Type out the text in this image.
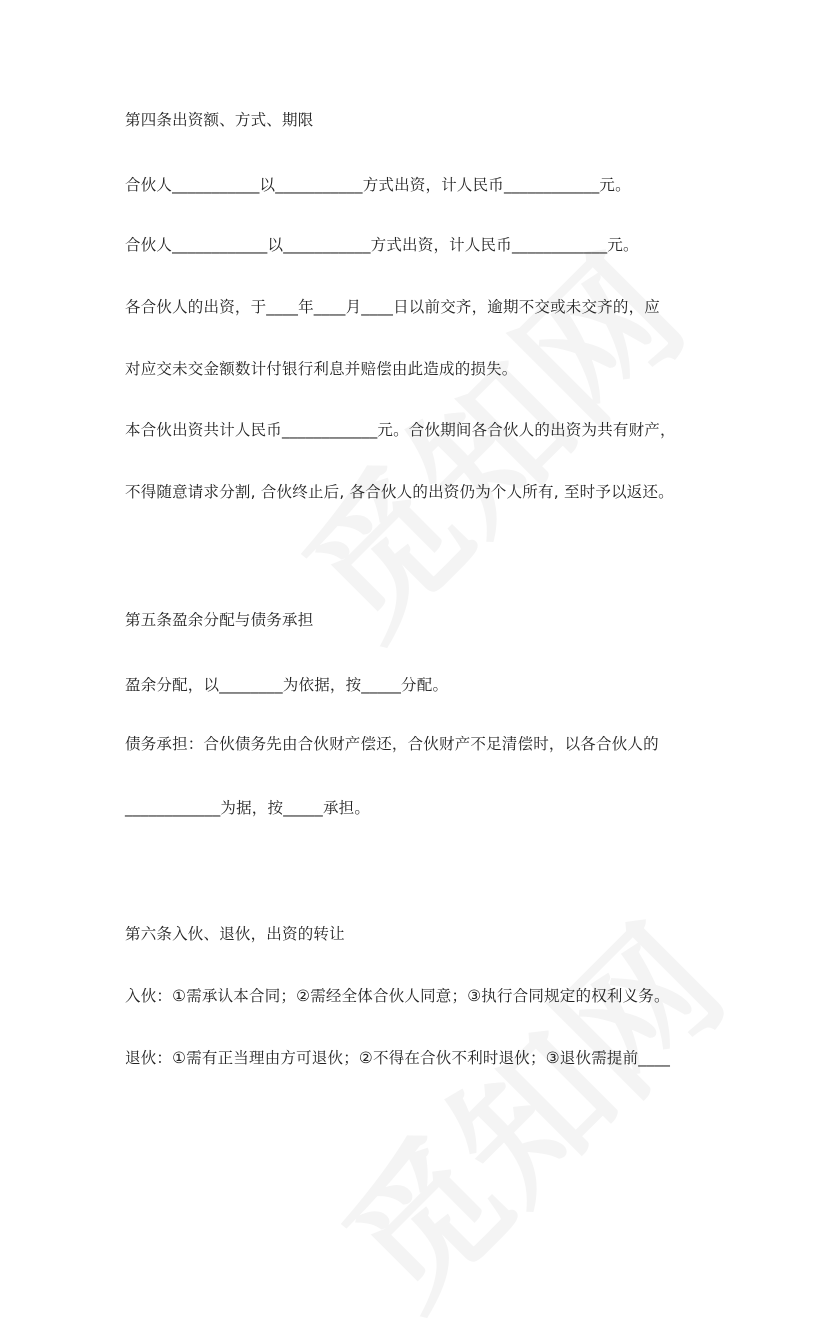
第四条出资额、方式、期限
合伙人___________以___________方式出资，计人民币____________元。
合伙人____________以___________方式出资，计人民币____________元。
各合伙人的出资，于____年____月____日以前交齐，逾期不交或未交齐的，应
对应交未交金额数计付银行利息并赔偿由此造成的损失。
本合伙出资共计人民币____________元。合伙期间各合伙人的出资为共有财产，
不得随意请求分割, 合伙终止后, 各合伙人的出资仍为个人所有, 至时予以返还。
第五条盈余分配与债务承担
盈余分配，以________为依据，按_____分配。
债务承担：合伙债务先由合伙财产偿还，合伙财产不足清偿时，以各合伙人的
____________为据，按_____承担。
第六条入伙、退伙，出资的转让
入伙：①需承认本合同；②需经全体合伙人同意；③执行合同规定的权利义务。
退伙：①需有正当理由方可退伙；②不得在合伙不利时退伙；③退伙需提前____
